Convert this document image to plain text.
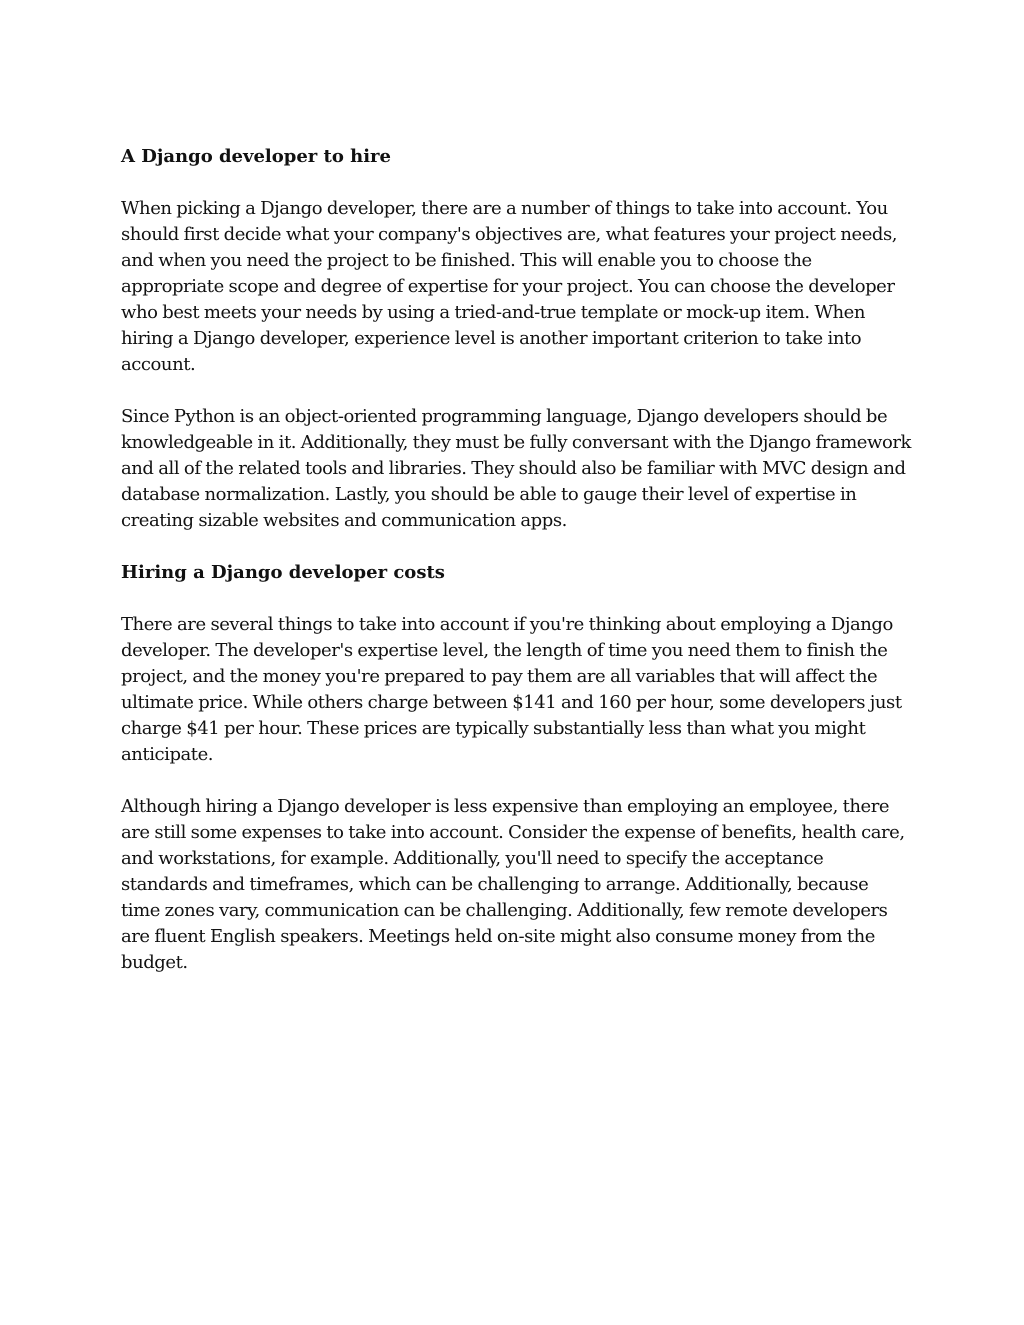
A Django developer to hire

When picking a Django developer, there are a number of things to take into account. You should first decide what your company's objectives are, what features your project needs, and when you need the project to be finished. This will enable you to choose the appropriate scope and degree of expertise for your project. You can choose the developer who best meets your needs by using a tried-and-true template or mock-up item. When hiring a Django developer, experience level is another important criterion to take into account.

Since Python is an object-oriented programming language, Django developers should be knowledgeable in it. Additionally, they must be fully conversant with the Django framework and all of the related tools and libraries. They should also be familiar with MVC design and database normalization. Lastly, you should be able to gauge their level of expertise in creating sizable websites and communication apps.

Hiring a Django developer costs

There are several things to take into account if you're thinking about employing a Django developer. The developer's expertise level, the length of time you need them to finish the project, and the money you're prepared to pay them are all variables that will affect the ultimate price. While others charge between $141 and 160 per hour, some developers just charge $41 per hour. These prices are typically substantially less than what you might anticipate.

Although hiring a Django developer is less expensive than employing an employee, there are still some expenses to take into account. Consider the expense of benefits, health care, and workstations, for example. Additionally, you'll need to specify the acceptance standards and timeframes, which can be challenging to arrange. Additionally, because time zones vary, communication can be challenging. Additionally, few remote developers are fluent English speakers. Meetings held on-site might also consume money from the budget.
